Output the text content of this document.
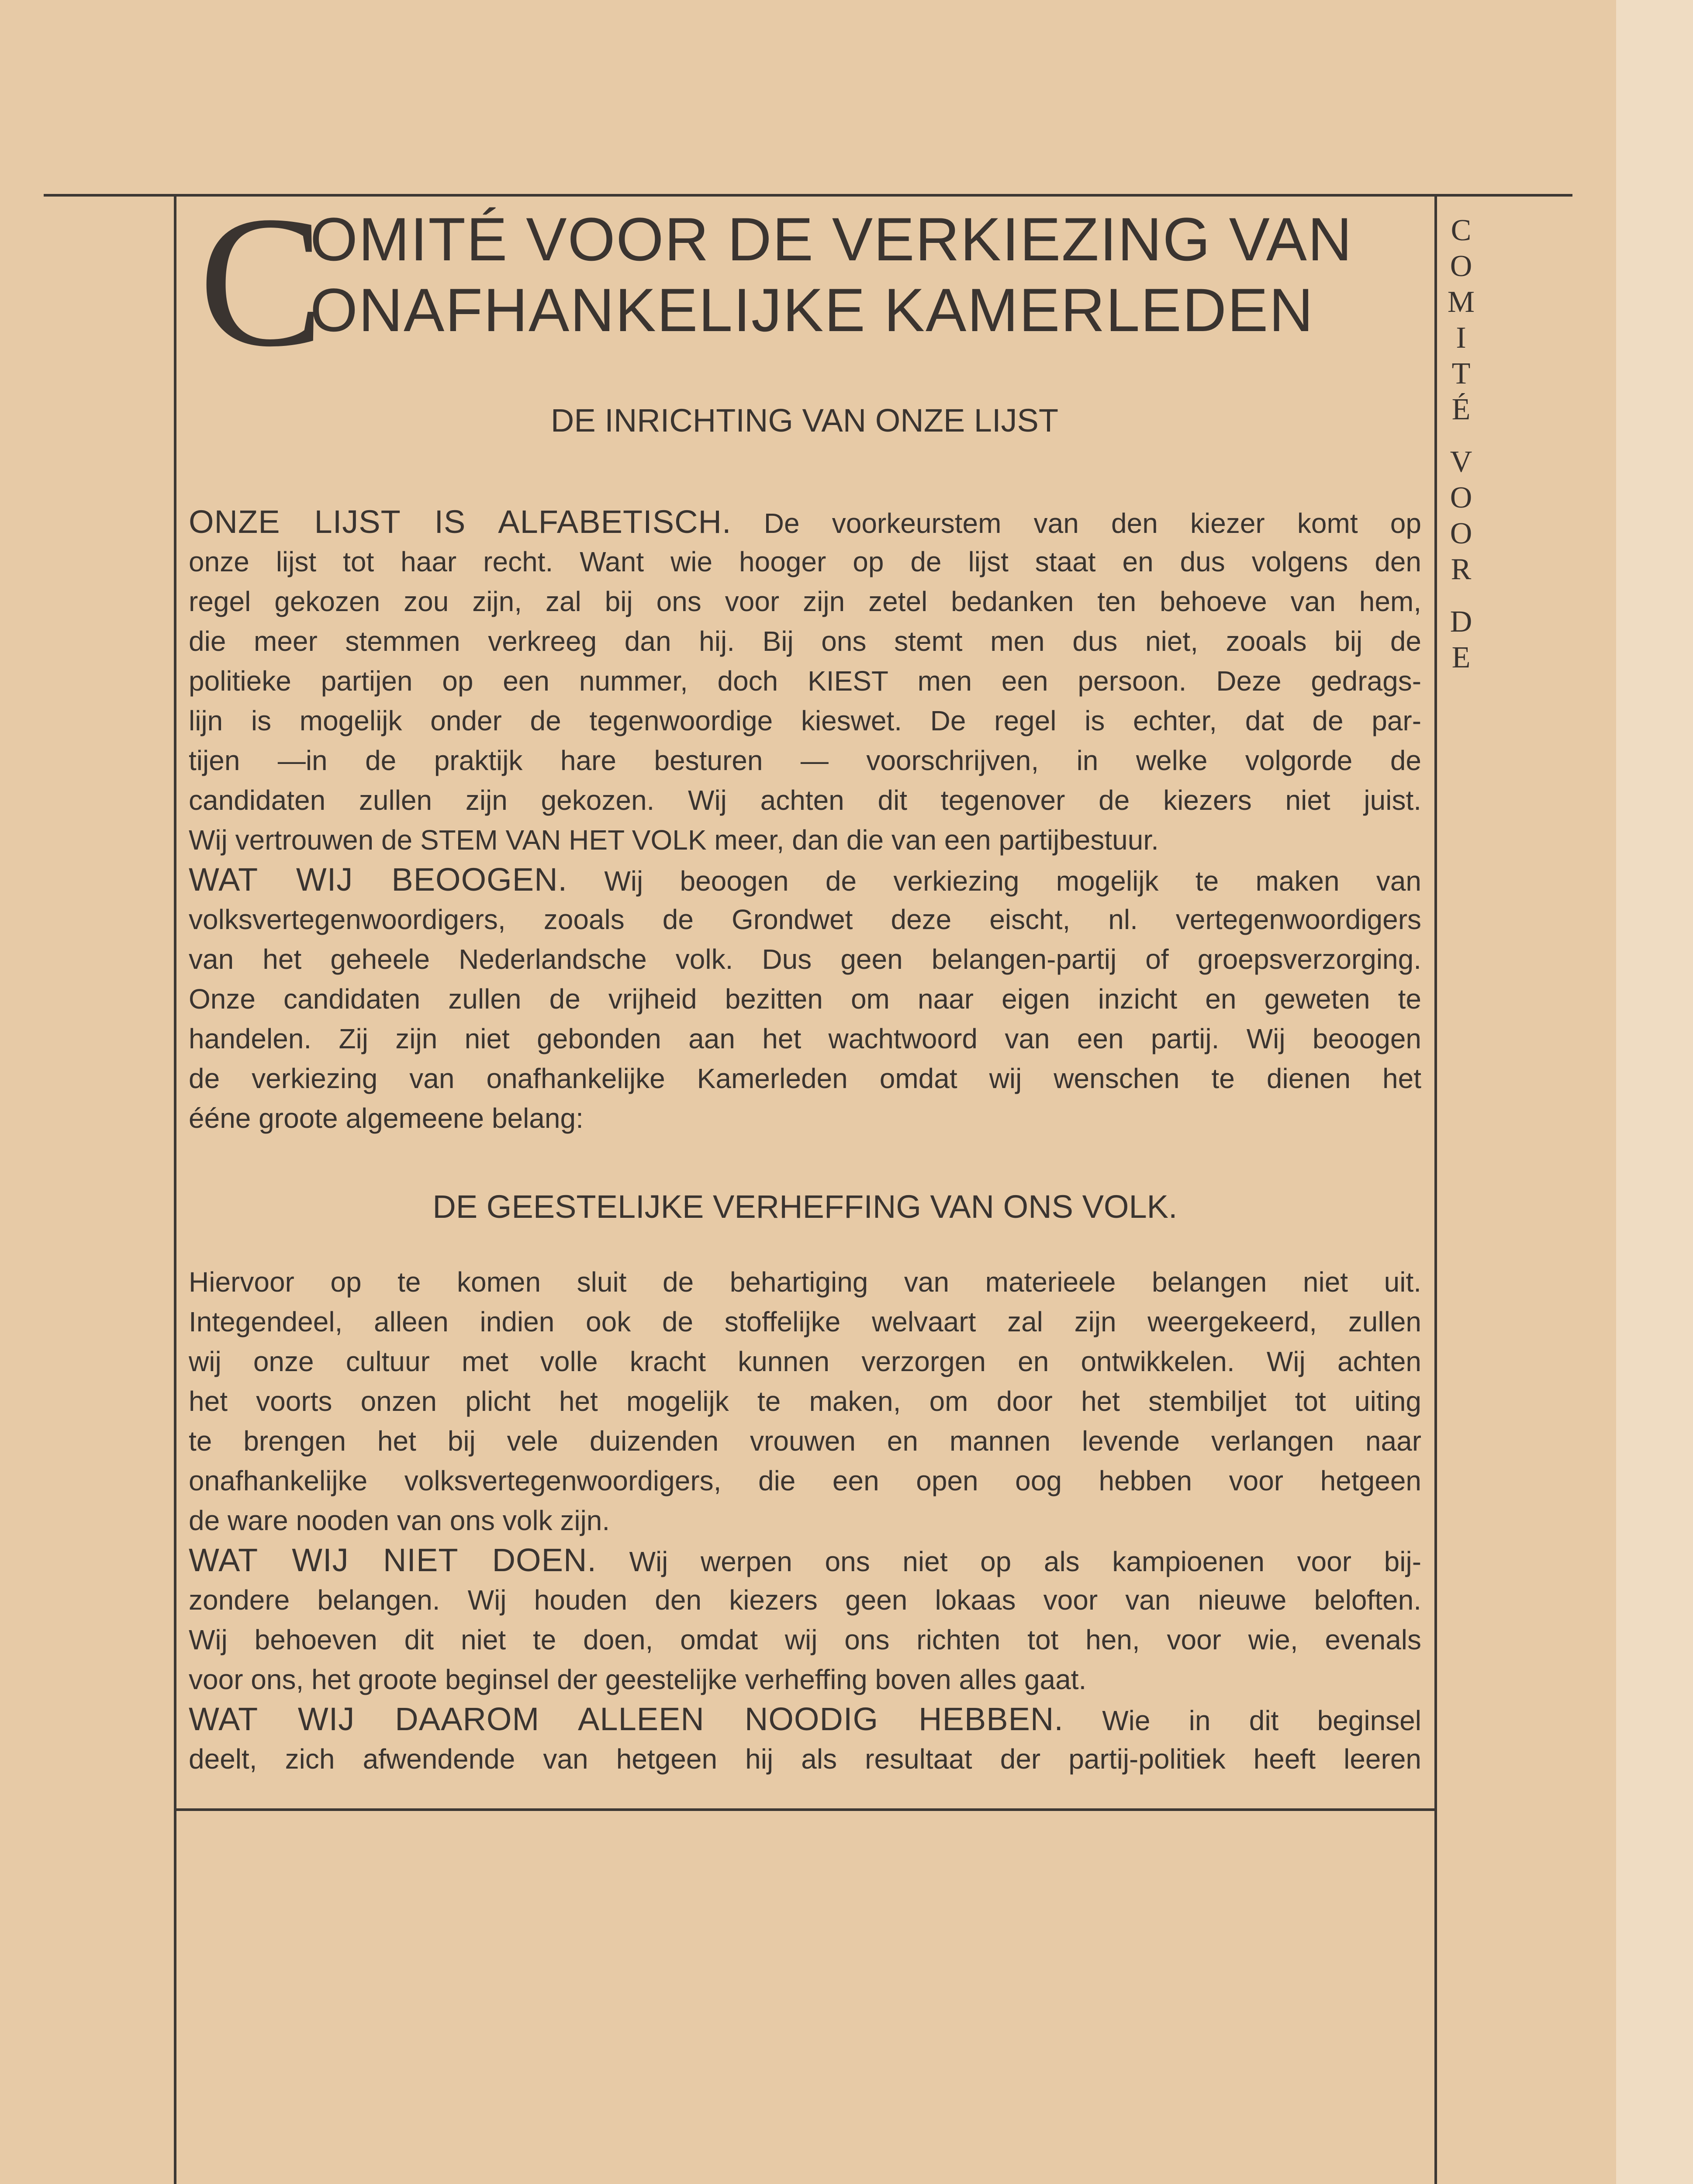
C
OMITÉ VOOR DE VERKIEZING VAN
ONAFHANKELIJKE KAMERLEDEN
DE INRICHTING VAN ONZE LIJST
C
O
M
I
T
É
V
O
O
R
D
E
ONZE LIJST IS ALFABETISCH. De voorkeurstem van den kiezer komt op
onze lijst tot haar recht. Want wie hooger op de lijst staat en dus volgens den
regel gekozen zou zijn, zal bij ons voor zijn zetel bedanken ten behoeve van hem,
die meer stemmen verkreeg dan hij. Bij ons stemt men dus niet, zooals bij de
politieke partijen op een nummer, doch KIEST men een persoon. Deze gedrags-
lijn is mogelijk onder de tegenwoordige kieswet. De regel is echter, dat de par-
tijen —in de praktijk hare besturen — voorschrijven, in welke volgorde de
candidaten zullen zijn gekozen. Wij achten dit tegenover de kiezers niet juist.
Wij vertrouwen de STEM VAN HET VOLK meer, dan die van een partijbestuur.
WAT WIJ BEOOGEN. Wij beoogen de verkiezing mogelijk te maken van
volksvertegenwoordigers, zooals de Grondwet deze eischt, nl. vertegenwoordigers
van het geheele Nederlandsche volk. Dus geen belangen-partij of groepsverzorging.
Onze candidaten zullen de vrijheid bezitten om naar eigen inzicht en geweten te
handelen. Zij zijn niet gebonden aan het wachtwoord van een partij. Wij beoogen
de verkiezing van onafhankelijke Kamerleden omdat wij wenschen te dienen het
ééne groote algemeene belang:
DE GEESTELIJKE VERHEFFING VAN ONS VOLK.
Hiervoor op te komen sluit de behartiging van materieele belangen niet uit.
Integendeel, alleen indien ook de stoffelijke welvaart zal zijn weergekeerd, zullen
wij onze cultuur met volle kracht kunnen verzorgen en ontwikkelen. Wij achten
het voorts onzen plicht het mogelijk te maken, om door het stembiljet tot uiting
te brengen het bij vele duizenden vrouwen en mannen levende verlangen naar
onafhankelijke volksvertegenwoordigers, die een open oog hebben voor hetgeen
de ware nooden van ons volk zijn.
WAT WIJ NIET DOEN. Wij werpen ons niet op als kampioenen voor bij-
zondere belangen. Wij houden den kiezers geen lokaas voor van nieuwe beloften.
Wij behoeven dit niet te doen, omdat wij ons richten tot hen, voor wie, evenals
voor ons, het groote beginsel der geestelijke verheffing boven alles gaat.
WAT WIJ DAAROM ALLEEN NOODIG HEBBEN. Wie in dit beginsel
deelt, zich afwendende van hetgeen hij als resultaat der partij-politiek heeft leeren
